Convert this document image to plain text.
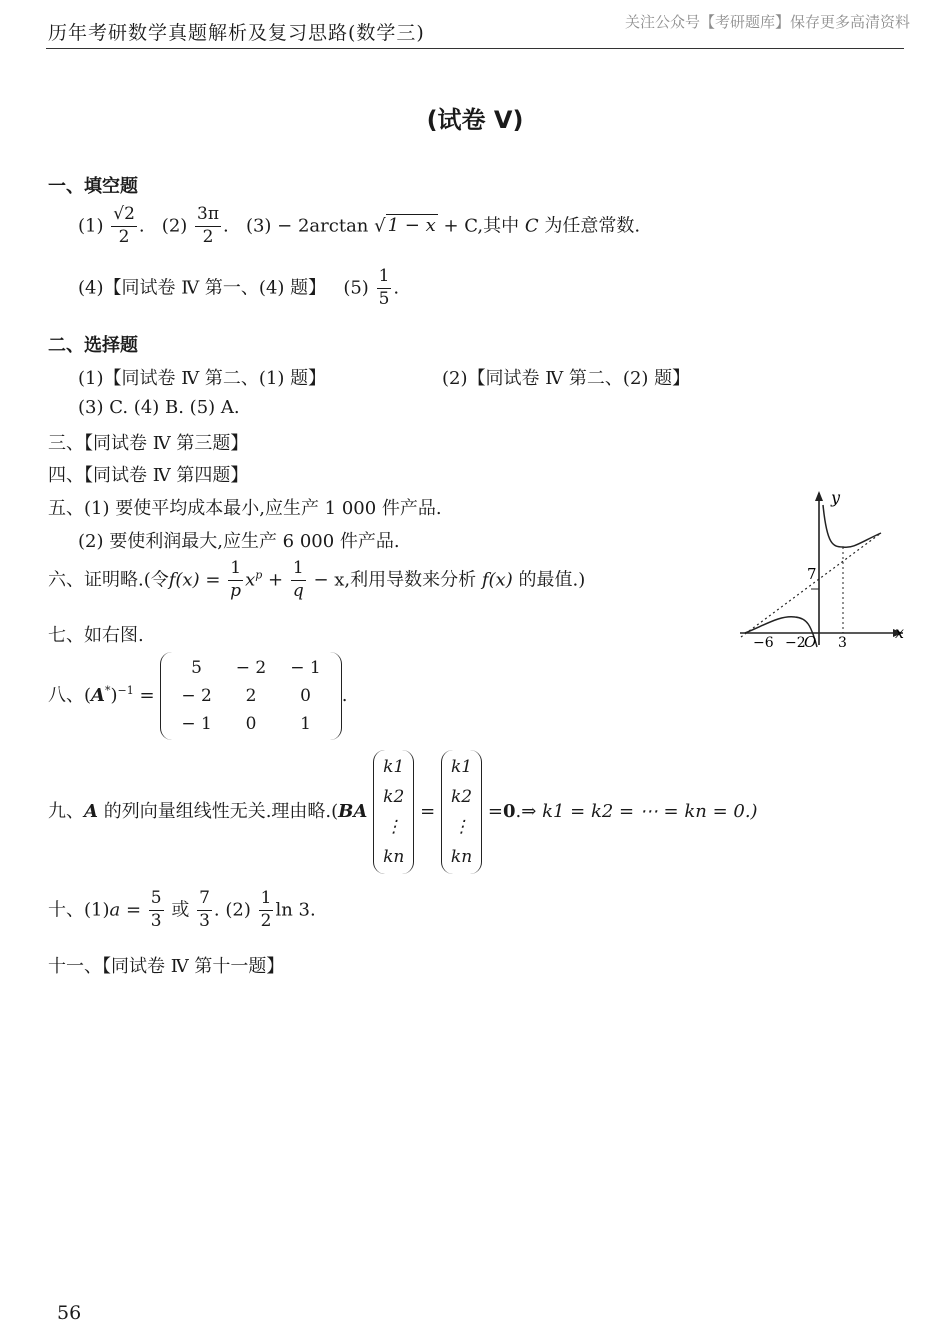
历年考研数学真题解析及复习思路(数学三)	关注公众号【考研题库】保存更多高清资料
(试卷 Ⅴ)
一、填空题
$(1) \frac{√2}{2}$ . $(2) \frac{3\pi}{2}$ . (3) − 2arctan √ 1 − x + C,其中 C 为任意常数.
(4)【同试卷 Ⅳ 第一、(4) 题】 $(5) \frac{1}{5}$ .
二、选择题
(1)【同试卷 Ⅳ 第二、(1) 题】	(2)【同试卷 Ⅳ 第二、(2) 题】
(3) C. (4) B. (5) A.
三、【同试卷 Ⅳ 第三题】
四、【同试卷 Ⅳ 第四题】
五、(1) 要使平均成本最小,应生产 1 000 件产品.
(2) 要使利润最大,应生产 6 000 件产品.
六、证明略.(令$f(x) = \frac{1}{p} x^p + \frac{1}{q} - x$,利用导数来分析 f(x) 的最值.)
七、如右图.
y
x
7
−6 −2
O 3
八、$(A^*)^{-1}$ =
5	− 2	− 1
− 2	2	0
− 1	0	1
.
九、A 的列向量组线性无关.理由略.(BA
k1
k2
⋮
kn
=
k1
k2
⋮
kn
=0.⇒ k1 = k2 = ⋯ = kn = 0.)
十、$(1)a = \frac{5}{3}$ 或 $\frac{7}{3}$ . $(2) \frac{1}{2}$ ln 3.
十一、【同试卷 Ⅳ 第十一题】
56
